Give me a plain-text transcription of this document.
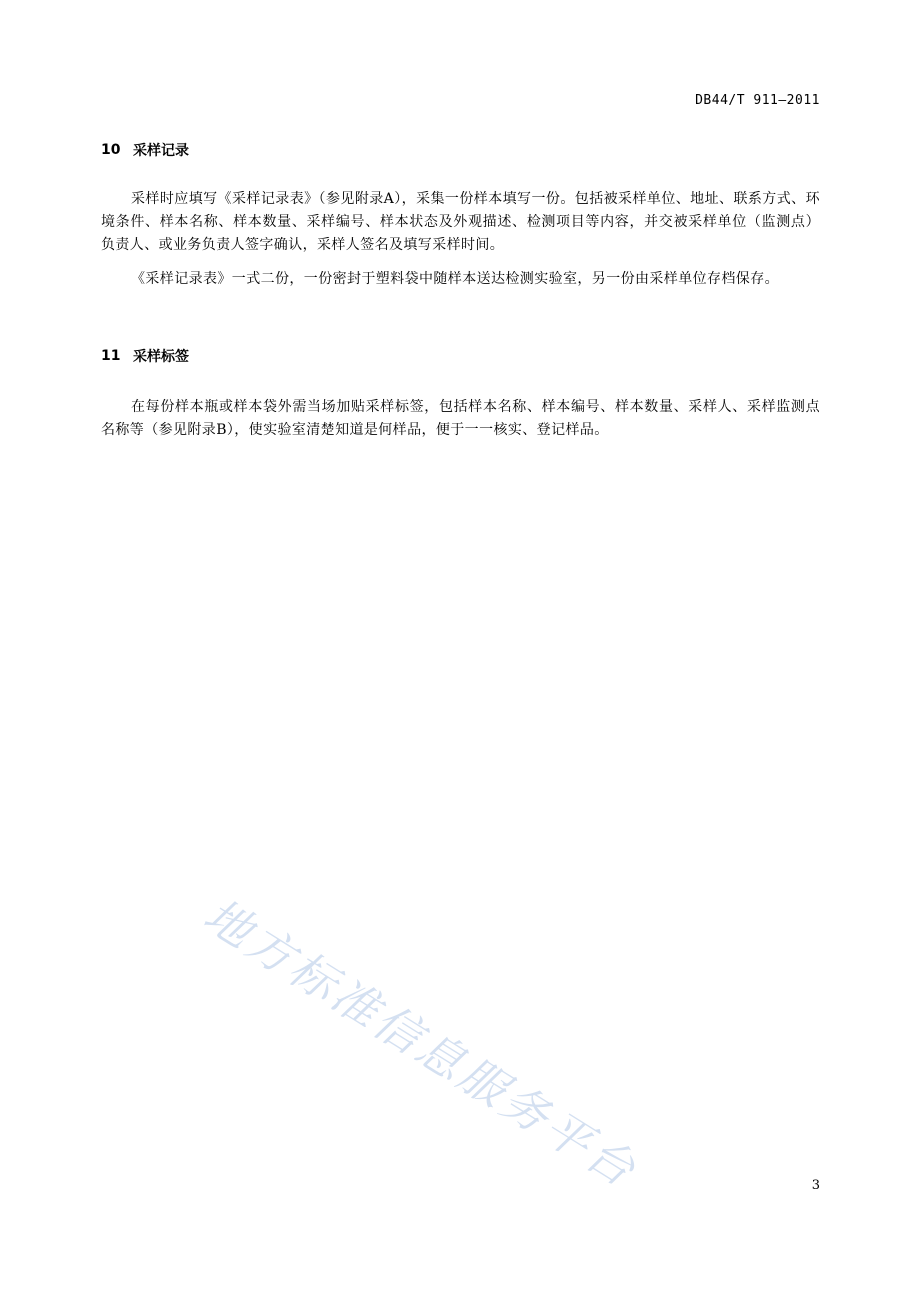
DB44/T 911—2011
10 采样记录

采样时应填写《采样记录表》（参见附录A），采集一份样本填写一份。包括被采样单位、地址、联系方式、环境条件、样本名称、样本数量、采样编号、样本状态及外观描述、检测项目等内容，并交被采样单位（监测点）负责人、或业务负责人签字确认，采样人签名及填写采样时间。

《采样记录表》一式二份，一份密封于塑料袋中随样本送达检测实验室，另一份由采样单位存档保存。

11 采样标签

在每份样本瓶或样本袋外需当场加贴采样标签，包括样本名称、样本编号、样本数量、采样人、采样监测点名称等（参见附录B），使实验室清楚知道是何样品，便于一一核实、登记样品。

地方标准信息服务平台	3
